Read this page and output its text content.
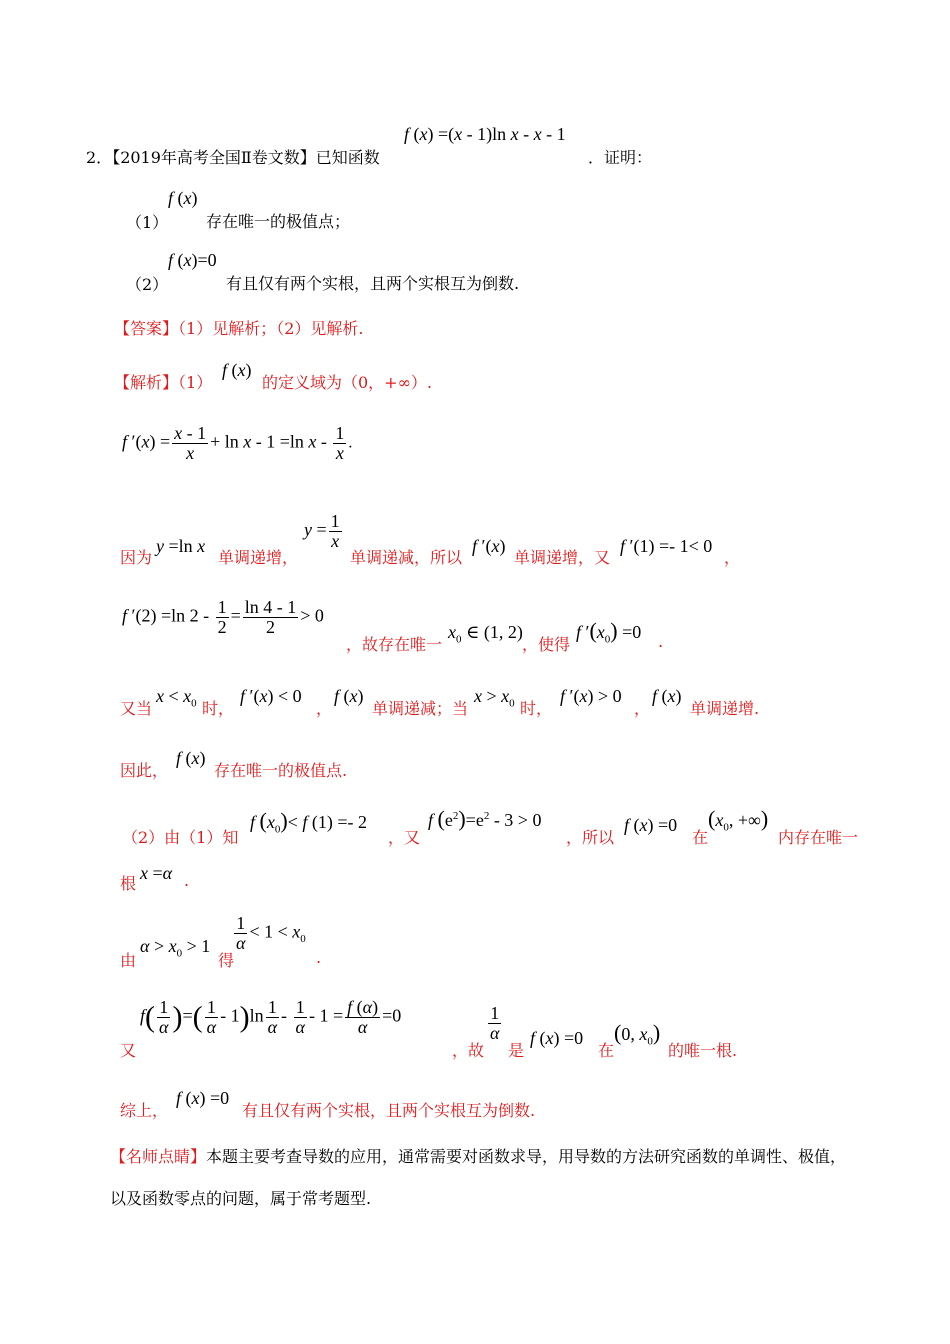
f (x) =(x - 1)ln x - x - 1
2．【2019年高考全国Ⅱ卷文数】已知函数	．证明：
f (x)
（1） 存在唯一的极值点；
f (x)=0
（2）	有且仅有两个实根，且两个实根互为倒数.
【答案】（1）见解析；（2）见解析.
【解析】（1）
f (x)
的定义域为（0，+∞）.
f $'(x) = \frac{x - 1}{x} + \ln x - 1 =\ln$ x - $\frac{1}{x}$ .
因为
y =ln x
单调递增，
$y = \frac{1}{x}$
单调递减，所以
f ′(x)
单调递增，又
f ′(1) =- 1< 0
，
f ′(2) =ln $2 - \frac{1}{2} = \frac{\ln 4 - 1}{2} > 0$
，故存在唯一
$x_0$ ∈ (1, 2)
，使得
f $'(x_0) =0$ .
又当
$x < x_0$ 时，
f ′(x) < 0
，
f (x)
单调递减；当
$x > x_0$ 时，
f ′(x) > 0
，
f (x)
单调递增.
因此，
f (x)
存在唯一的极值点.
（2）由（1）知
f $(x_0)< f$ (1) =- 2
，又
f $(e^2)=e^2 - 3 > 0$
，所以
f (x) =0
在
($x_0$, +∞)
内存在唯一
根
x =α .
由
$\alpha > x_0 > 1$
得
$\frac{1}{\alpha} < 1 < x_0$
.
又
$f( \frac{1}{\alpha}$ )=( $\frac{1}{\alpha} - 1)\ln \frac{1}{\alpha} - \frac{1}{\alpha} - 1 = \frac{f (\alpha)}{\alpha} =0$
，故
$\frac{1}{\alpha}$
是
f (x) =0
在
(0, $x_0$)
的唯一根.
综上，
f (x) =0
有且仅有两个实根，且两个实根互为倒数.
【名师点睛】本题主要考查导数的应用，通常需要对函数求导，用导数的方法研究函数的单调性、极值，
以及函数零点的问题，属于常考题型.
